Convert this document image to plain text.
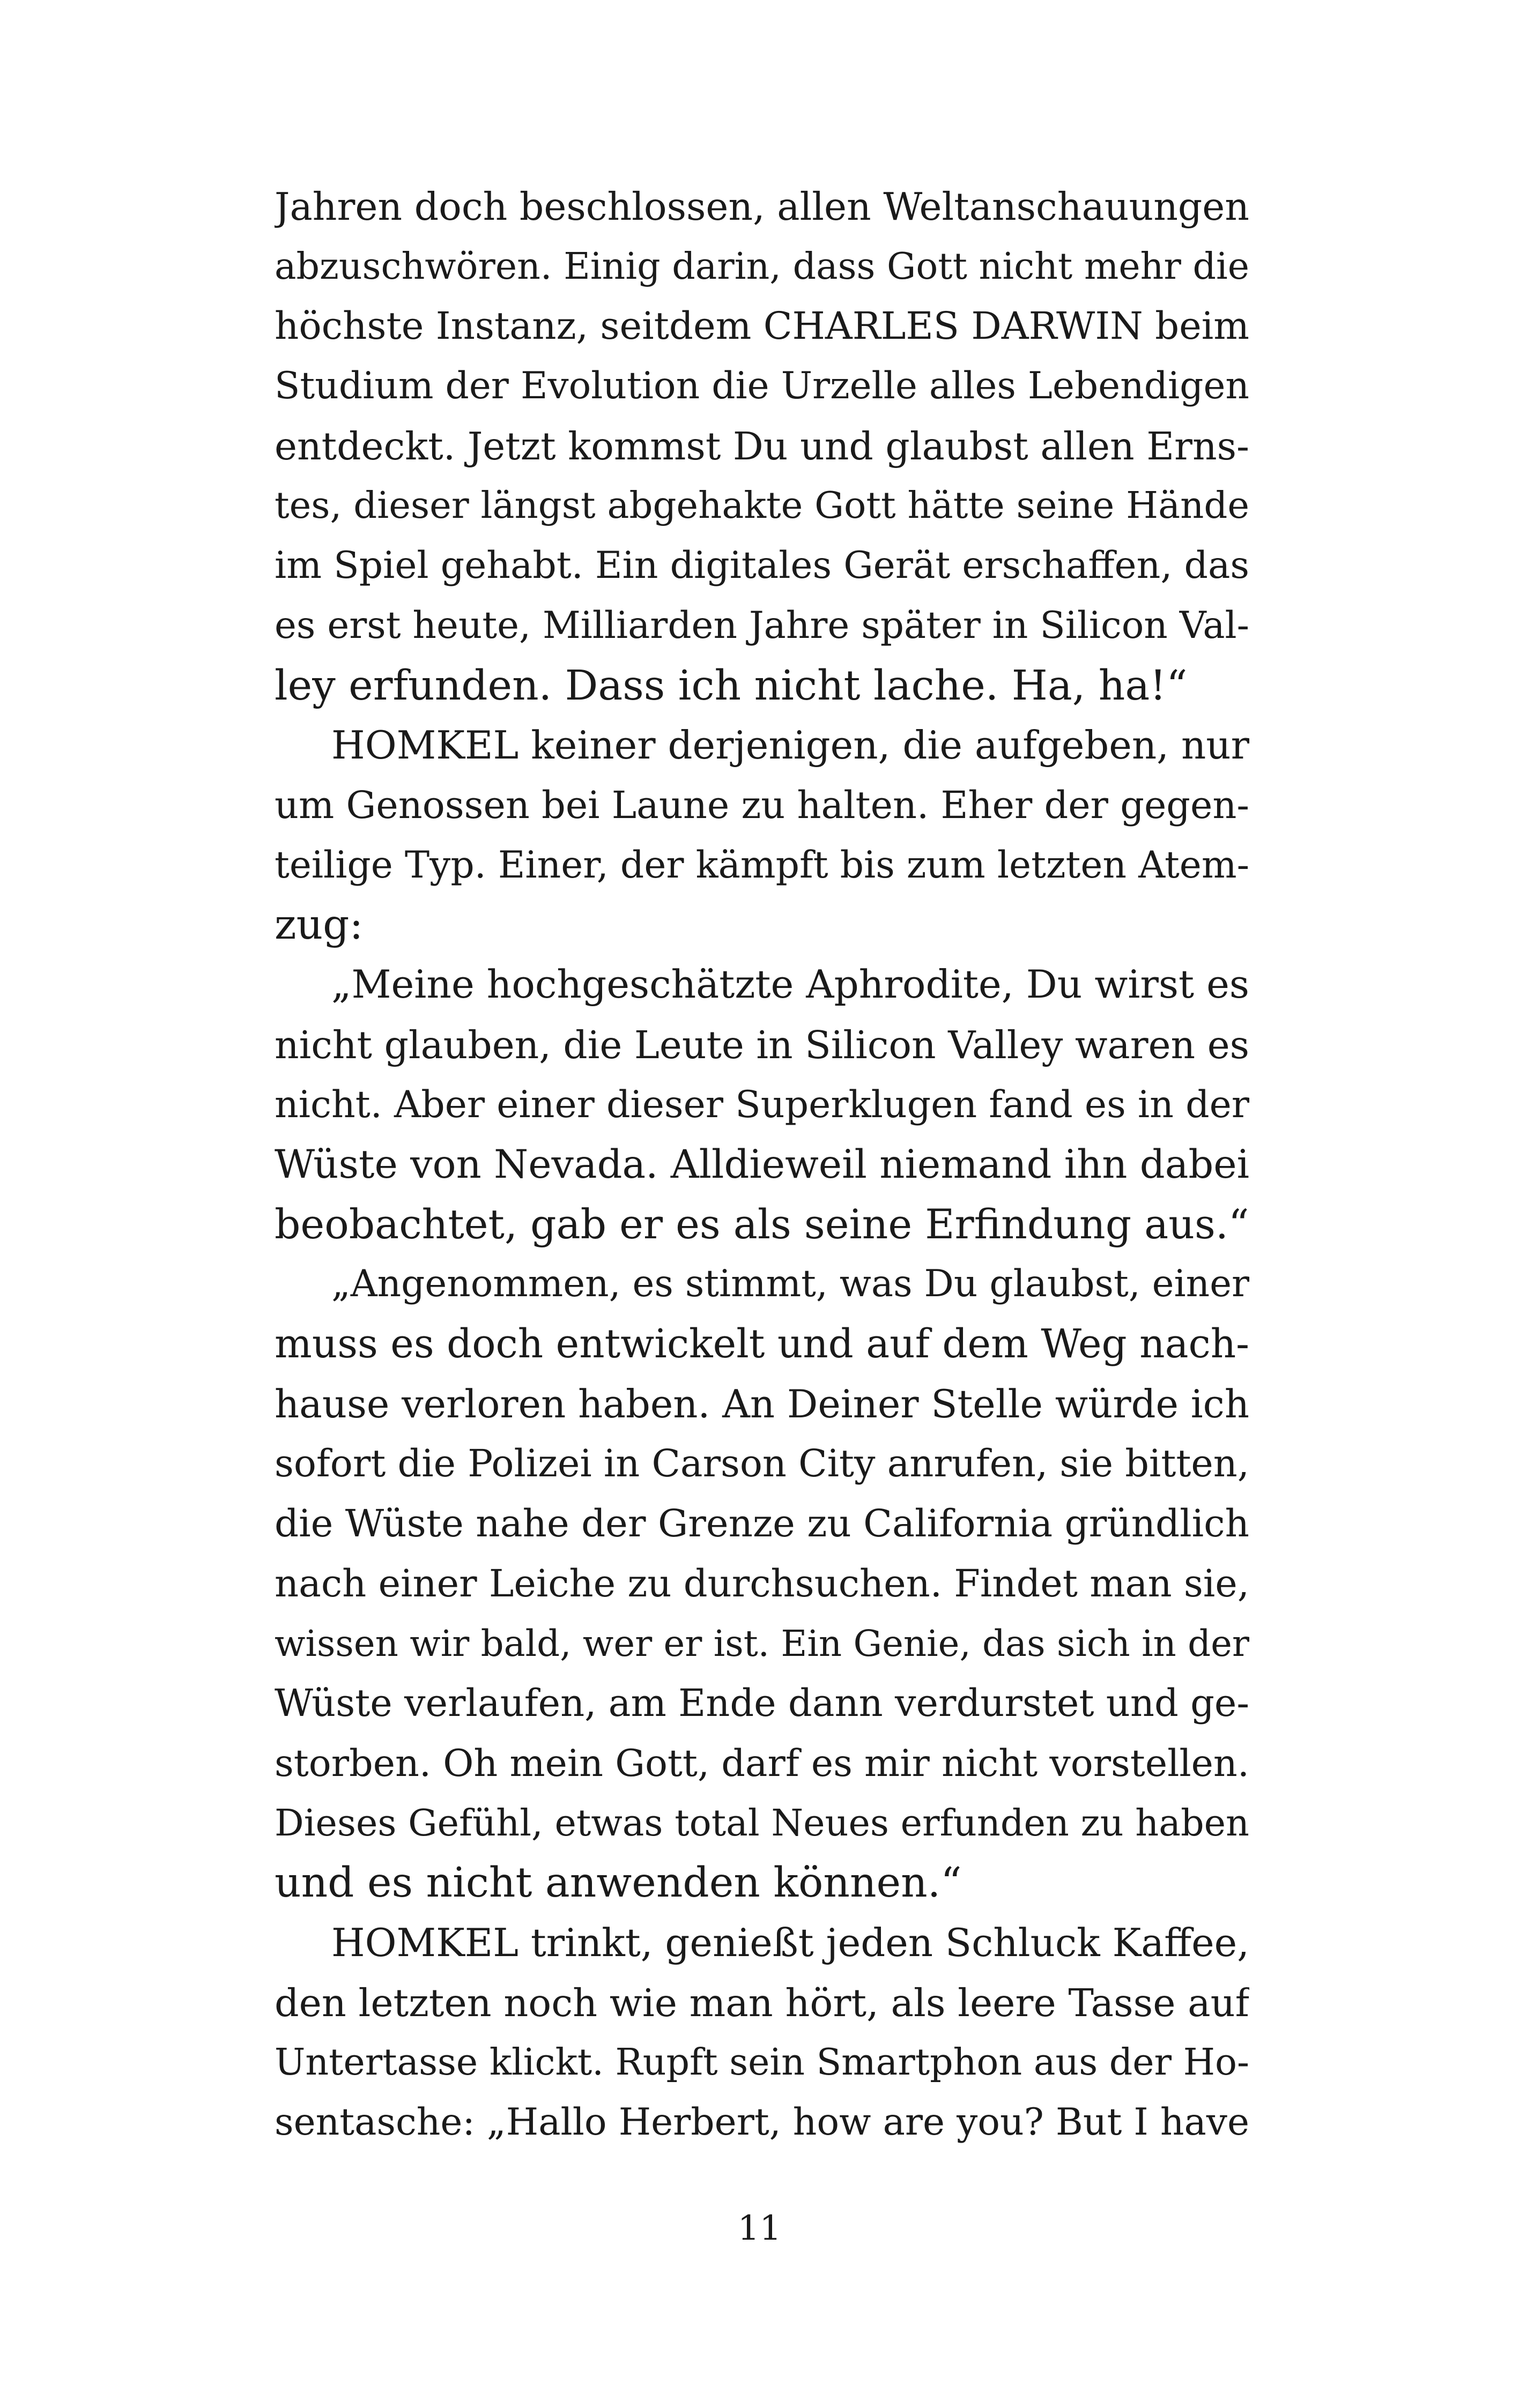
Jahren doch beschlossen, allen Weltanschauungen
abzuschwören. Einig darin, dass Gott nicht mehr die
höchste Instanz, seitdem CHARLES DARWIN beim
Studium der Evolution die Urzelle alles Lebendigen
entdeckt. Jetzt kommst Du und glaubst allen Erns-
tes, dieser längst abgehakte Gott hätte seine Hände
im Spiel gehabt. Ein digitales Gerät erschaffen, das
es erst heute, Milliarden Jahre später in Silicon Val-
ley erfunden. Dass ich nicht lache. Ha, ha!“
HOMKEL keiner derjenigen, die aufgeben, nur
um Genossen bei Laune zu halten. Eher der gegen-
teilige Typ. Einer, der kämpft bis zum letzten Atem-
zug:
„Meine hochgeschätzte Aphrodite, Du wirst es
nicht glauben, die Leute in Silicon Valley waren es
nicht. Aber einer dieser Superklugen fand es in der
Wüste von Nevada. Alldieweil niemand ihn dabei
beobachtet, gab er es als seine Erfindung aus.“
„Angenommen, es stimmt, was Du glaubst, einer
muss es doch entwickelt und auf dem Weg nach-
hause verloren haben. An Deiner Stelle würde ich
sofort die Polizei in Carson City anrufen, sie bitten,
die Wüste nahe der Grenze zu California gründlich
nach einer Leiche zu durchsuchen. Findet man sie,
wissen wir bald, wer er ist. Ein Genie, das sich in der
Wüste verlaufen, am Ende dann verdurstet und ge-
storben. Oh mein Gott, darf es mir nicht vorstellen.
Dieses Gefühl, etwas total Neues erfunden zu haben
und es nicht anwenden können.“
HOMKEL trinkt, genießt jeden Schluck Kaffee,
den letzten noch wie man hört, als leere Tasse auf
Untertasse klickt. Rupft sein Smartphon aus der Ho-
sentasche: „Hallo Herbert, how are you? But I have
11
